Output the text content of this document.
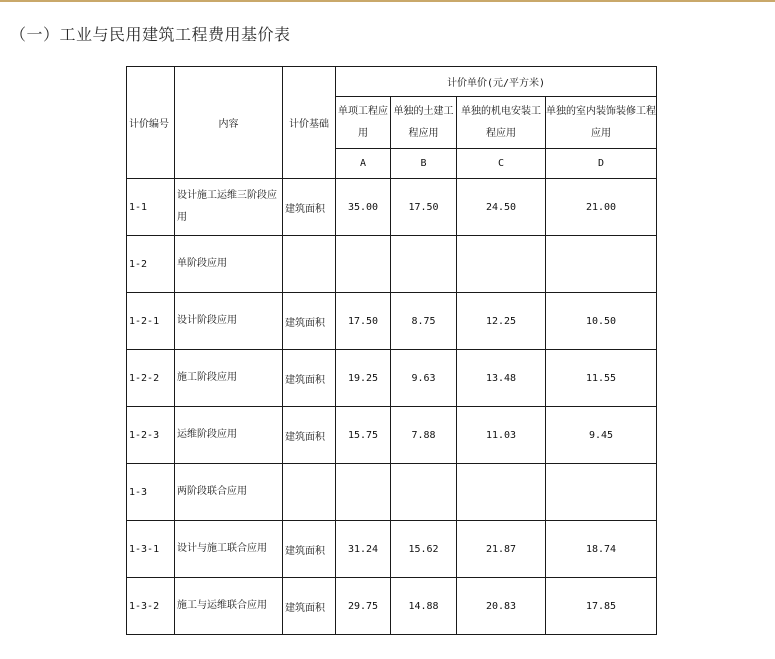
（一）工业与民用建筑工程费用基价表
计价编号	内容	计价基础	计价单价(元/平方米)			
			单项工程应用	单独的土建工程应用	单独的机电安装工程应用	单独的室内装饰装修工程应用
			A	B	C	D
1-1	设计施工运维三阶段应用	建筑面积	35.00	17.50	24.50	21.00
1-2	单阶段应用					
1-2-1	设计阶段应用	建筑面积	17.50	8.75	12.25	10.50
1-2-2	施工阶段应用	建筑面积	19.25	9.63	13.48	11.55
1-2-3	运维阶段应用	建筑面积	15.75	7.88	11.03	9.45
1-3	两阶段联合应用					
1-3-1	设计与施工联合应用	建筑面积	31.24	15.62	21.87	18.74
1-3-2	施工与运维联合应用	建筑面积	29.75	14.88	20.83	17.85
